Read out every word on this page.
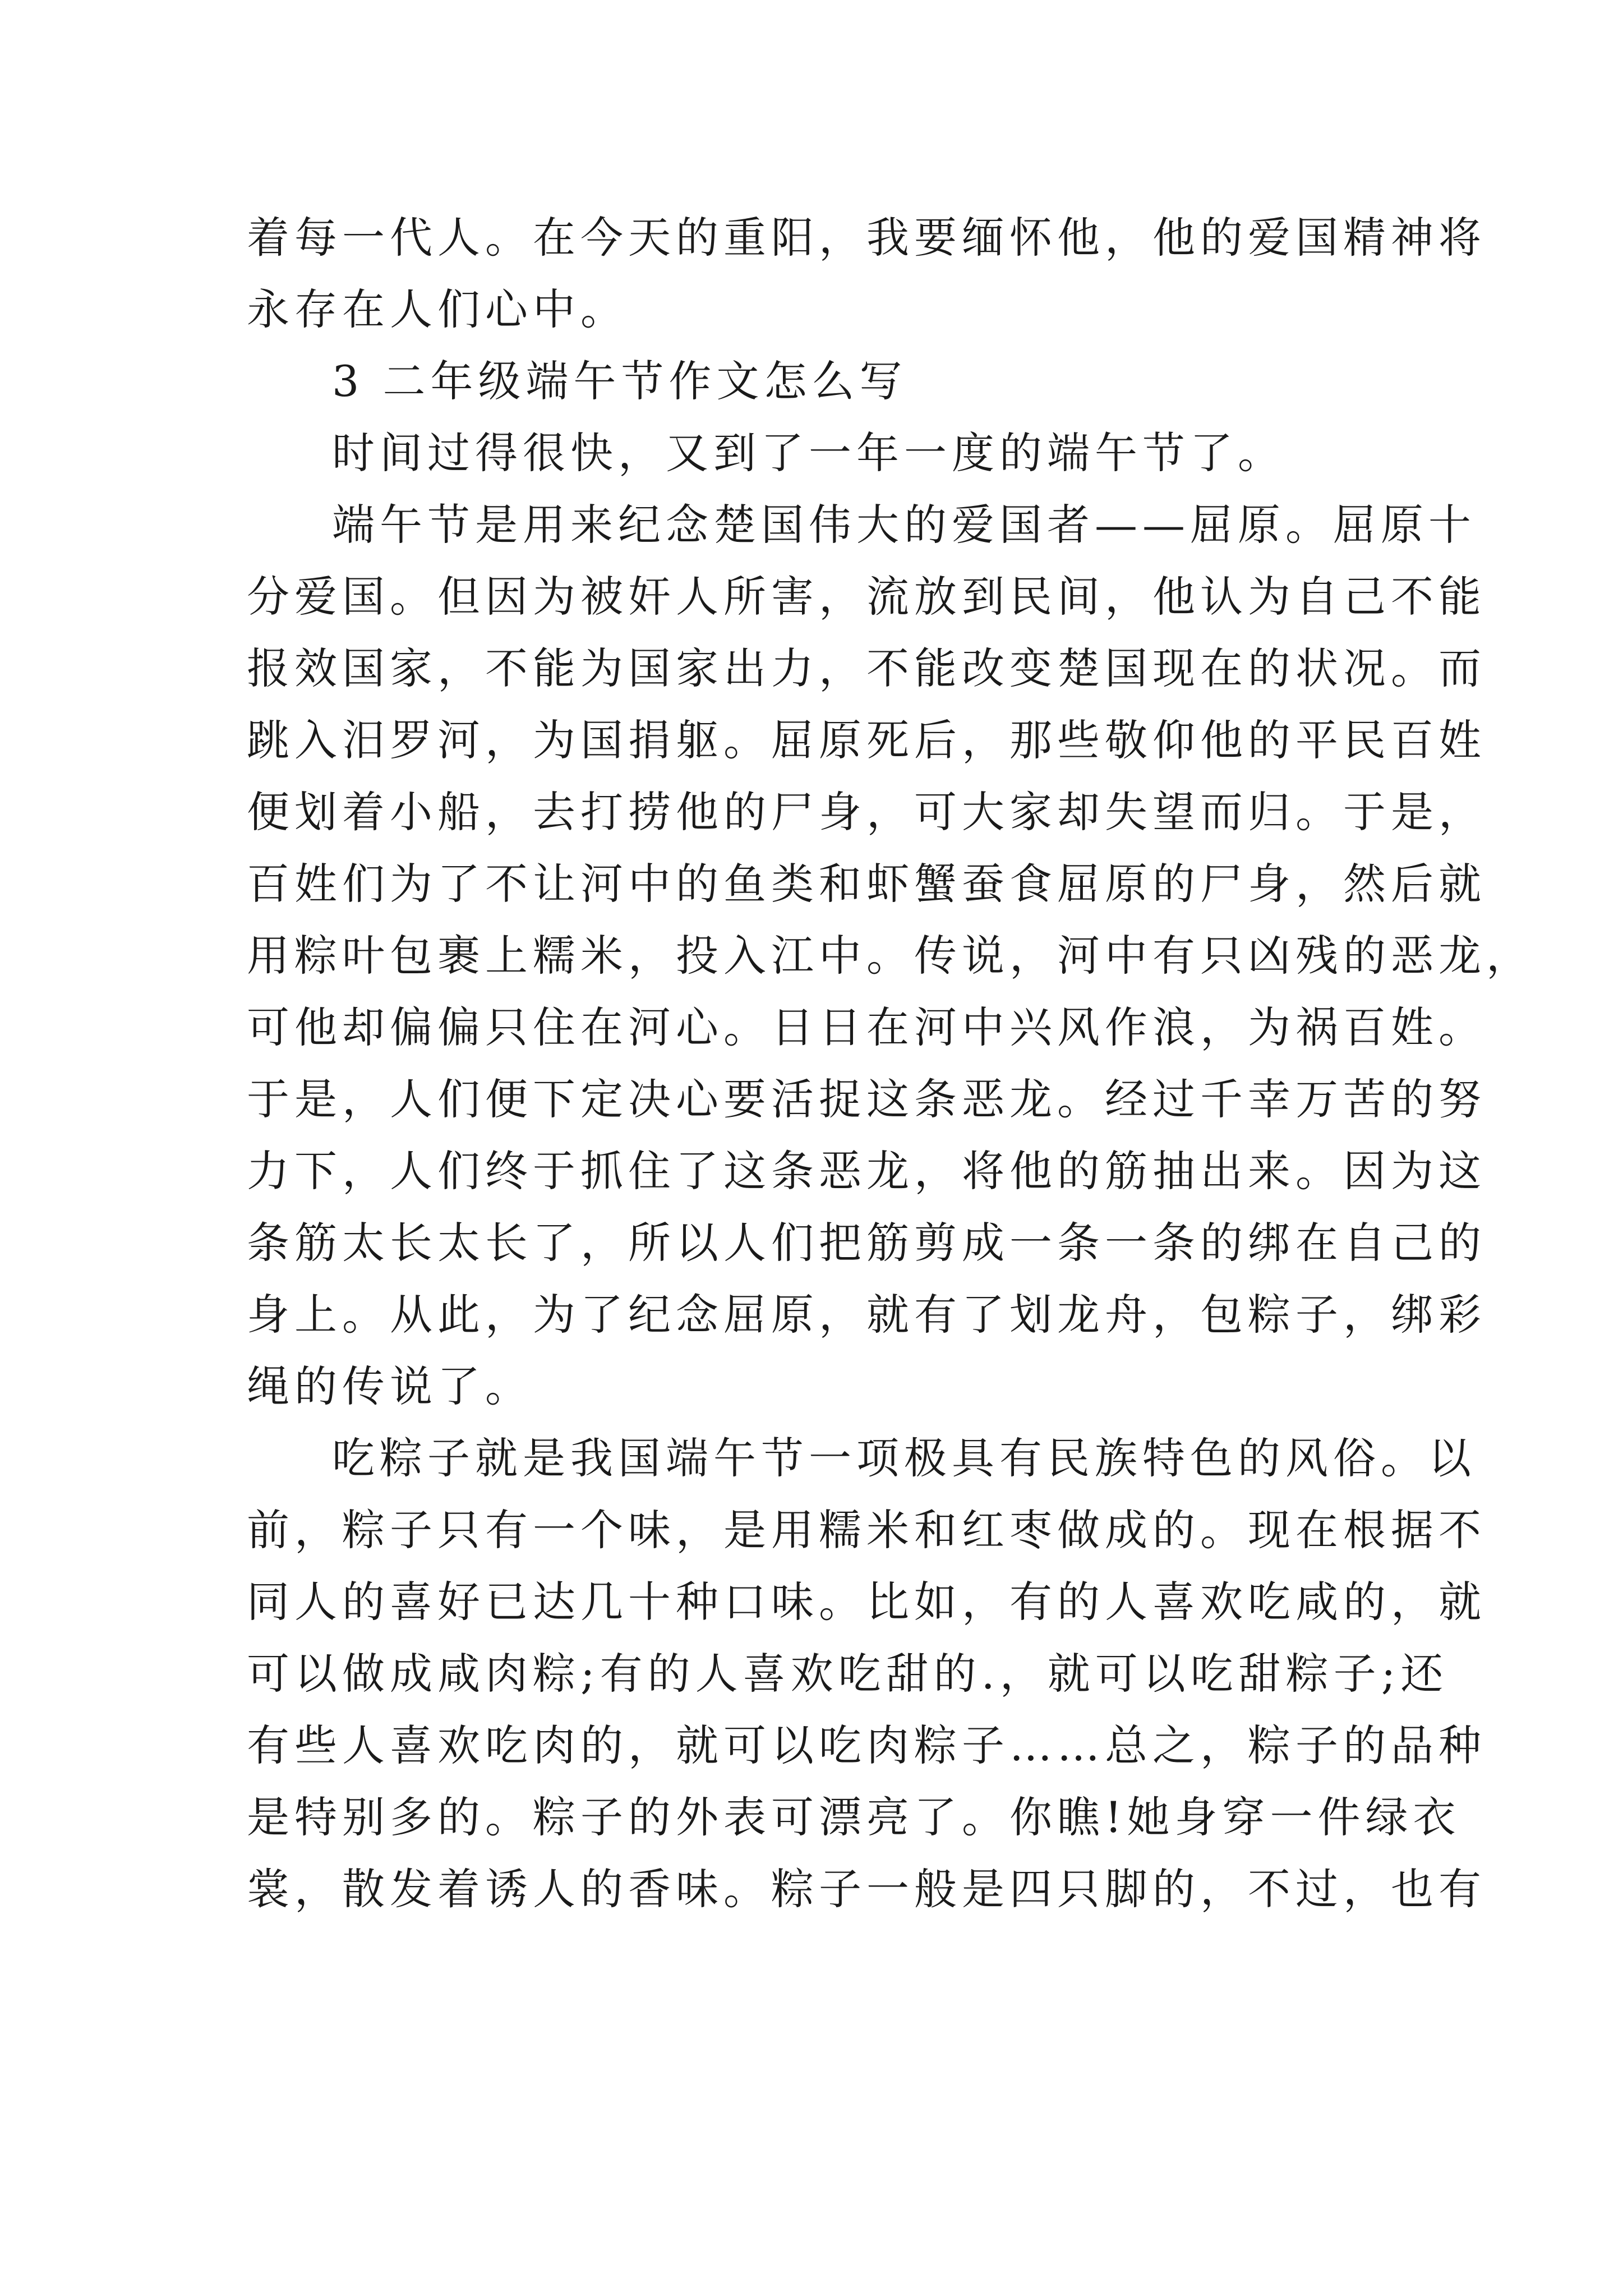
着每一代人。在今天的重阳，我要缅怀他，他的爱国精神将
永存在人们心中。
3 二年级端午节作文怎么写
时间过得很快，又到了一年一度的端午节了。
端午节是用来纪念楚国伟大的爱国者——屈原。屈原十
分爱国。但因为被奸人所害，流放到民间，他认为自己不能
报效国家，不能为国家出力，不能改变楚国现在的状况。而
跳入汨罗河，为国捐躯。屈原死后，那些敬仰他的平民百姓
便划着小船，去打捞他的尸身，可大家却失望而归。于是，
百姓们为了不让河中的鱼类和虾蟹蚕食屈原的尸身，然后就
用粽叶包裹上糯米，投入江中。传说，河中有只凶残的恶龙，
可他却偏偏只住在河心。日日在河中兴风作浪，为祸百姓。
于是，人们便下定决心要活捉这条恶龙。经过千幸万苦的努
力下，人们终于抓住了这条恶龙，将他的筋抽出来。因为这
条筋太长太长了，所以人们把筋剪成一条一条的绑在自己的
身上。从此，为了纪念屈原，就有了划龙舟，包粽子，绑彩
绳的传说了。
吃粽子就是我国端午节一项极具有民族特色的风俗。以
前，粽子只有一个味，是用糯米和红枣做成的。现在根据不
同人的喜好已达几十种口味。比如，有的人喜欢吃咸的，就
可以做成咸肉粽;有的人喜欢吃甜的.，就可以吃甜粽子;还
有些人喜欢吃肉的，就可以吃肉粽子……总之，粽子的品种
是特别多的。粽子的外表可漂亮了。你瞧!她身穿一件绿衣
裳，散发着诱人的香味。粽子一般是四只脚的，不过，也有
